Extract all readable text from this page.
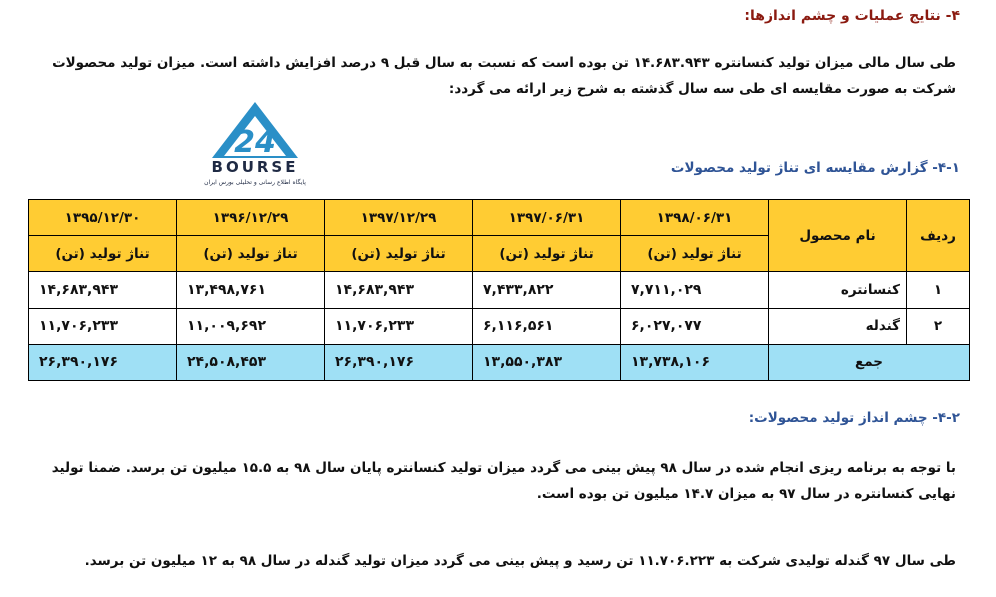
۴- نتایج عملیات و چشم اندازها:
طی سال مالی میزان تولید کنسانتره ۱۴.۶۸۳.۹۴۳ تن بوده است که نسبت به سال قبل ۹ درصد افزایش داشته است. میزان تولید محصولات شرکت به صورت مقایسه ای طی سه سال گذشته به شرح زیر ارائه می گردد:
24
BOURSE
پایگاه اطلاع رسانی و تحلیلی بورس ایران
۴-۱- گزارش مقایسه ای تناژ تولید محصولات
ردیف	نام محصول	۱۳۹۸/۰۶/۳۱	۱۳۹۷/۰۶/۳۱	۱۳۹۷/۱۲/۲۹	۱۳۹۶/۱۲/۲۹	۱۳۹۵/۱۲/۳۰
		تناژ تولید (تن)	تناژ تولید (تن)	تناژ تولید (تن)	تناژ تولید (تن)	تناژ تولید (تن)
۱	کنسانتره	۷,۷۱۱,۰۲۹	۷,۴۳۳,۸۲۲	۱۴,۶۸۳,۹۴۳	۱۳,۴۹۸,۷۶۱	۱۴,۶۸۳,۹۴۳
۲	گندله	۶,۰۲۷,۰۷۷	۶,۱۱۶,۵۶۱	۱۱,۷۰۶,۲۳۳	۱۱,۰۰۹,۶۹۲	۱۱,۷۰۶,۲۳۳
جمع		۱۳,۷۳۸,۱۰۶	۱۳,۵۵۰,۳۸۳	۲۶,۳۹۰,۱۷۶	۲۴,۵۰۸,۴۵۳	۲۶,۳۹۰,۱۷۶
۴-۲- چشم انداز تولید محصولات:
با توجه به برنامه ریزی انجام شده در سال ۹۸ پیش بینی می گردد میزان تولید کنسانتره پایان سال ۹۸ به ۱۵.۵ میلیون تن برسد. ضمنا تولید نهایی کنسانتره در سال ۹۷ به میزان ۱۴.۷ میلیون تن بوده است.
طی سال ۹۷ گندله تولیدی شرکت به ۱۱.۷۰۶.۲۲۳ تن رسید و پیش بینی می گردد میزان تولید گندله در سال ۹۸ به ۱۲ میلیون تن برسد.
